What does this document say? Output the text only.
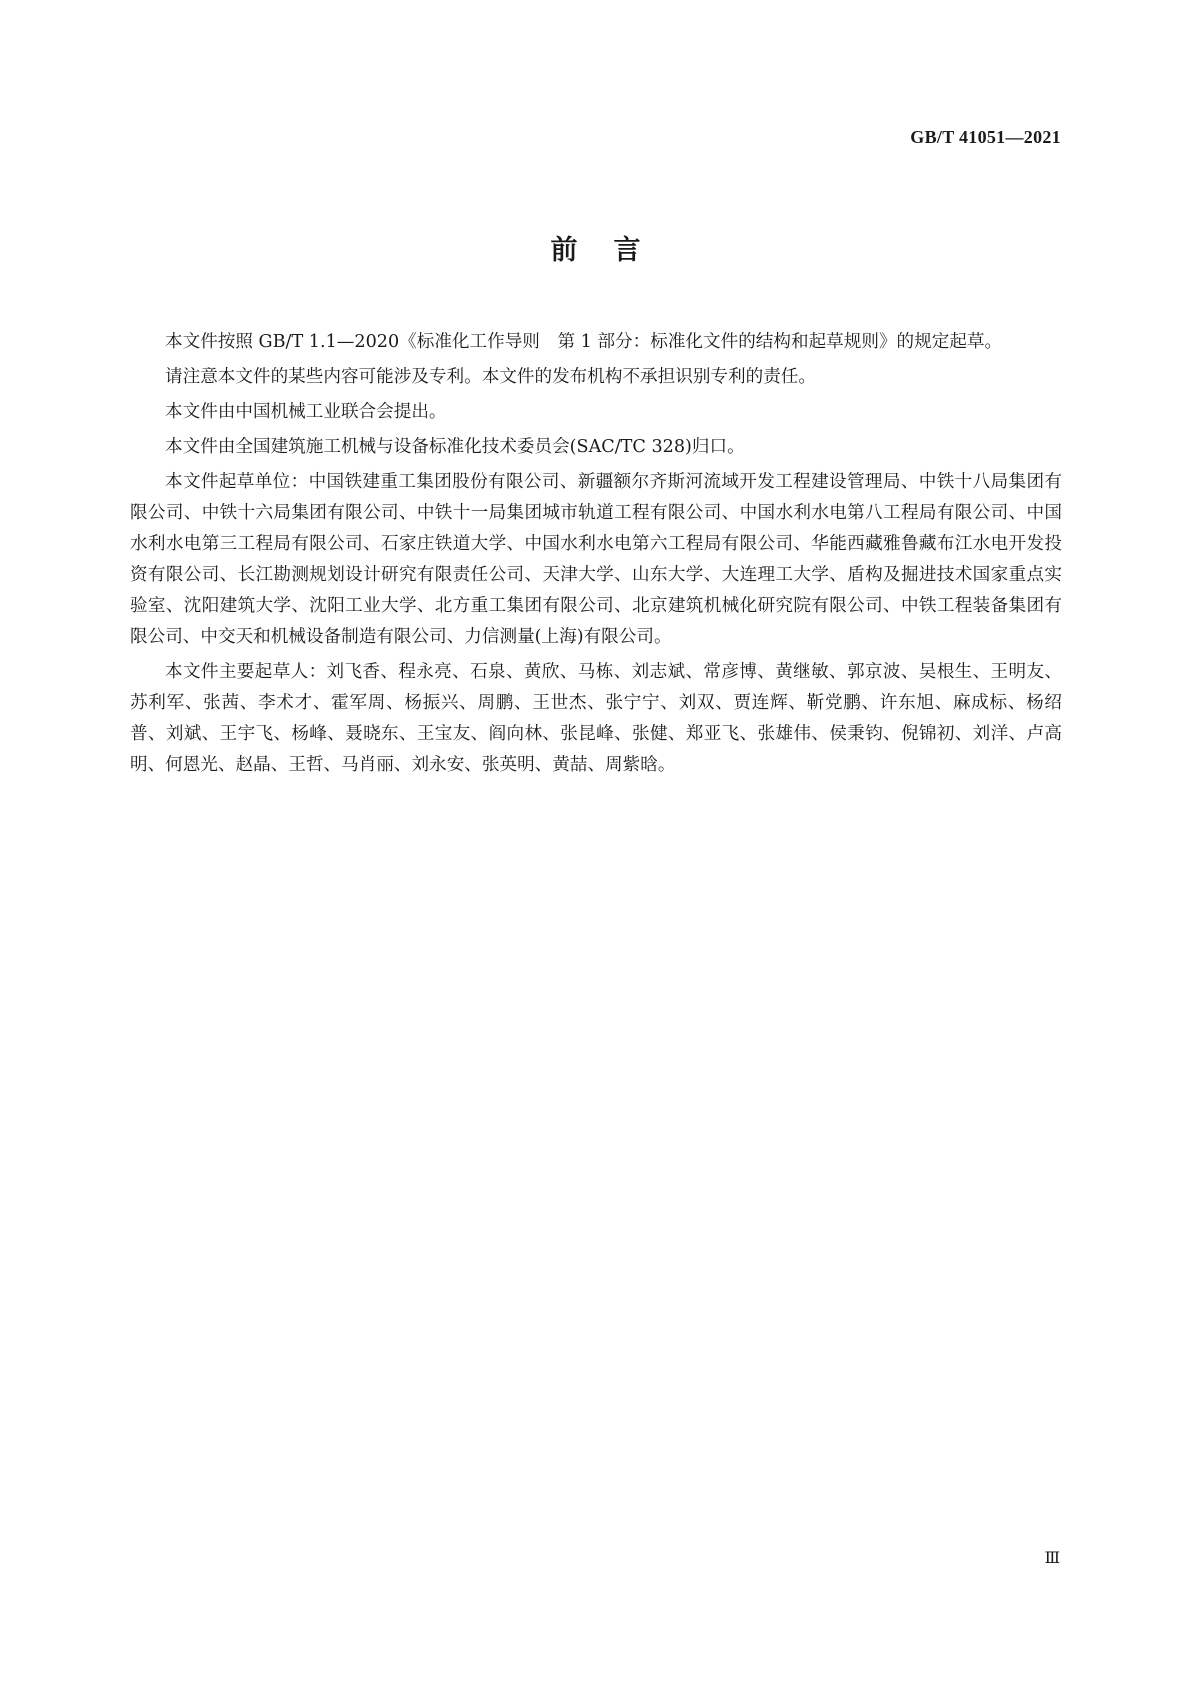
GB/T 41051—2021
前言

本文件按照 GB/T 1.1—2020《标准化工作导则　第 1 部分：标准化文件的结构和起草规则》的规定起草。

请注意本文件的某些内容可能涉及专利。本文件的发布机构不承担识别专利的责任。

本文件由中国机械工业联合会提出。

本文件由全国建筑施工机械与设备标准化技术委员会(SAC/TC 328)归口。

本文件起草单位：中国铁建重工集团股份有限公司、新疆额尔齐斯河流域开发工程建设管理局、中铁十八局集团有限公司、中铁十六局集团有限公司、中铁十一局集团城市轨道工程有限公司、中国水利水电第八工程局有限公司、中国水利水电第三工程局有限公司、石家庄铁道大学、中国水利水电第六工程局有限公司、华能西藏雅鲁藏布江水电开发投资有限公司、长江勘测规划设计研究有限责任公司、天津大学、山东大学、大连理工大学、盾构及掘进技术国家重点实验室、沈阳建筑大学、沈阳工业大学、北方重工集团有限公司、北京建筑机械化研究院有限公司、中铁工程装备集团有限公司、中交天和机械设备制造有限公司、力信测量(上海)有限公司。

本文件主要起草人：刘飞香、程永亮、石泉、黄欣、马栋、刘志斌、常彦博、黄继敏、郭京波、吴根生、王明友、苏利军、张茜、李术才、霍军周、杨振兴、周鹏、王世杰、张宁宁、刘双、贾连辉、靳党鹏、许东旭、麻成标、杨绍普、刘斌、王宇飞、杨峰、聂晓东、王宝友、阎向林、张昆峰、张健、郑亚飞、张雄伟、侯秉钧、倪锦初、刘洋、卢高明、何恩光、赵晶、王哲、马肖丽、刘永安、张英明、黄喆、周紫晗。

Ⅲ
